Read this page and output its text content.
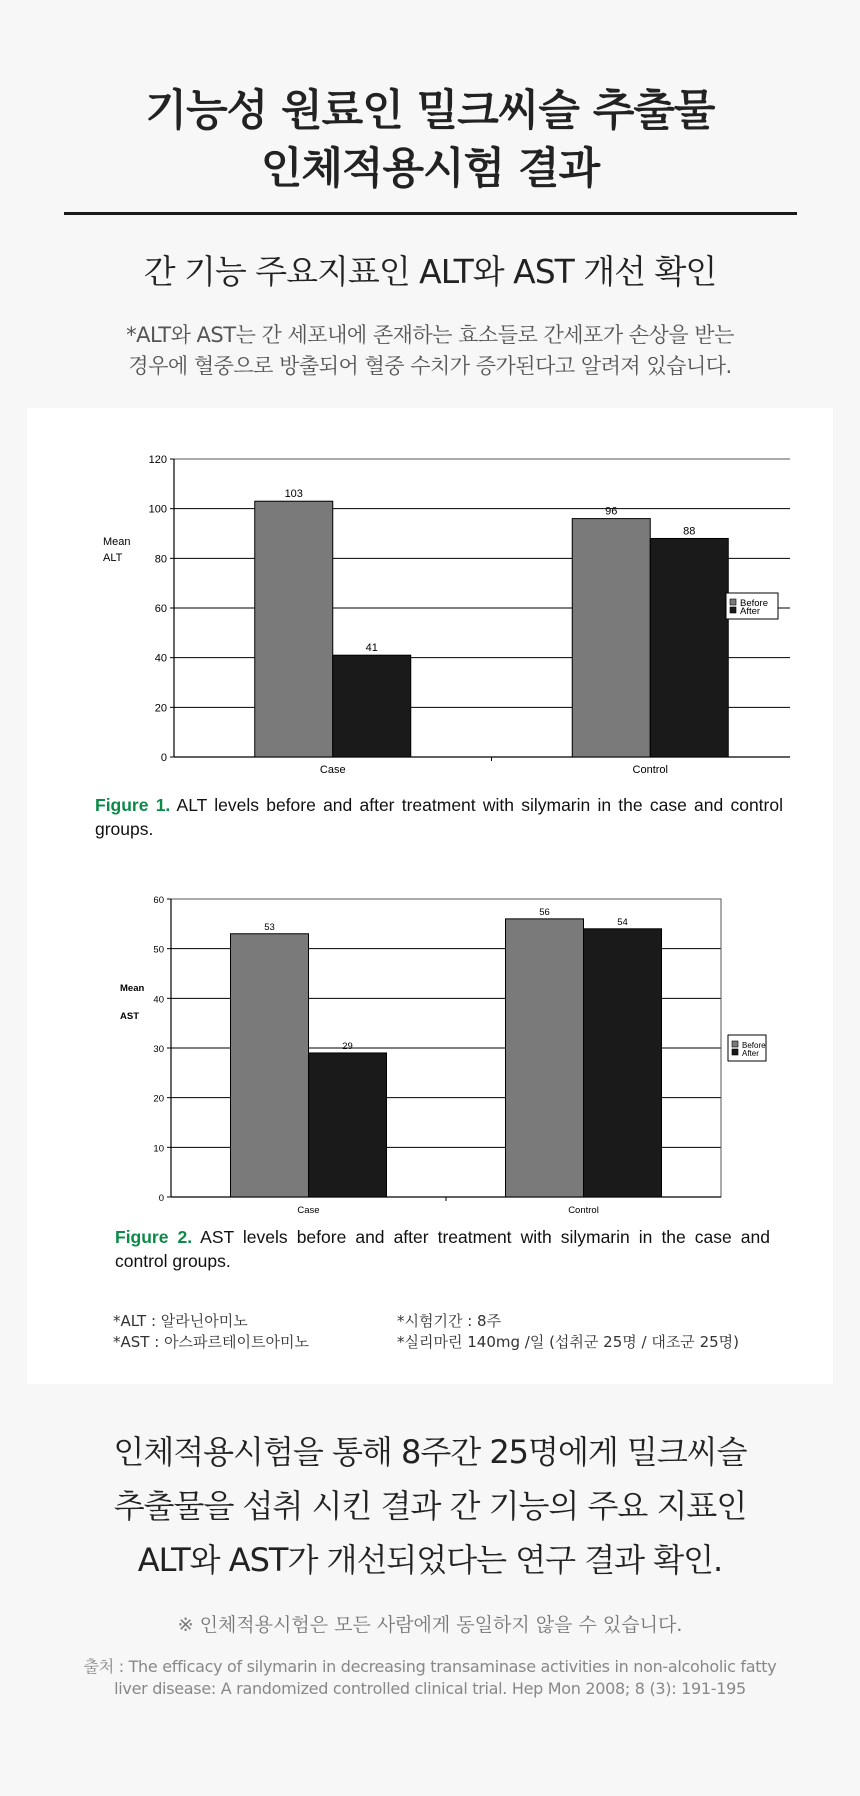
기능성 원료인 밀크씨슬 추출물
인체적용시험 결과
간 기능 주요지표인 ALT와 AST 개선 확인
*ALT와 AST는 간 세포내에 존재하는 효소들로 간세포가 손상을 받는
경우에 혈중으로 방출되어 혈중 수치가 증가된다고 알려져 있습니다.
0
20
40
60
80
100
120
103
41
Case
96
88
Control
Mean
ALT
Before
After
Figure 1. ALT levels before and after treatment with silymarin in the case and control groups.
0
10
20
30
40
50
60
53
29
Case
56
54
Control
Mean
AST
Before
After
Figure 2. AST levels before and after treatment with silymarin in the case and control groups.
*ALT : 알라닌아미노
*AST : 아스파르테이트아미노
*시험기간 : 8주
*실리마린 140mg /일 (섭취군 25명 / 대조군 25명)
인체적용시험을 통해 8주간 25명에게 밀크씨슬
추출물을 섭취 시킨 결과 간 기능의 주요 지표인
ALT와 AST가 개선되었다는 연구 결과 확인.
※ 인체적용시험은 모든 사람에게 동일하지 않을 수 있습니다.
출처 : The efficacy of silymarin in decreasing transaminase activities in non-alcoholic fatty
liver disease: A randomized controlled clinical trial. Hep Mon 2008; 8 (3): 191-195
